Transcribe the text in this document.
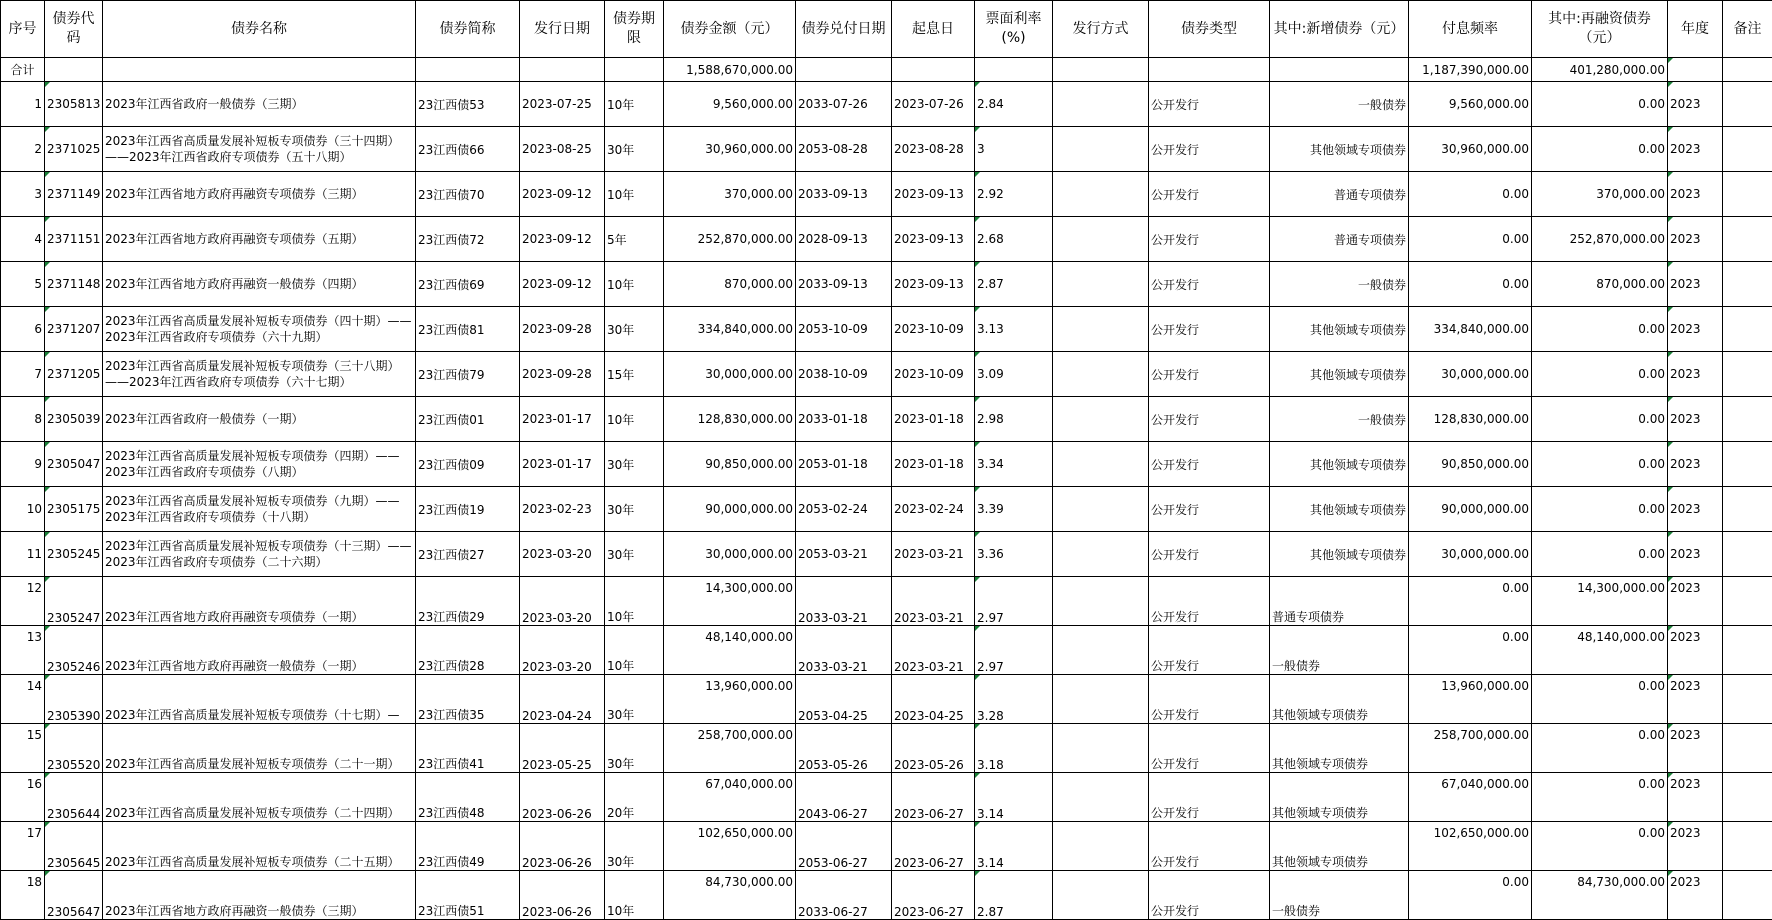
序号	债券代码	债券名称	债券简称	发行日期	债券期限	债券金额（元）	债券兑付日期	起息日	票面利率(%)	发行方式	债券类型	其中:新增债券（元）	付息频率	其中:再融资债券（元）	年度	备注
合计						1,588,670,000.00							1,187,390,000.00	401,280,000.00		
1	2305813	2023年江西省政府一般债券（三期）	23江西债53	2023-07-25	10年	9,560,000.00	2033-07-26	2023-07-26	2.84		公开发行	一般债券	9,560,000.00	0.00	2023	
2	2371025	2023年江西省高质量发展补短板专项债券（三十四期）——2023年江西省政府专项债券（五十八期）	23江西债66	2023-08-25	30年	30,960,000.00	2053-08-28	2023-08-28	3		公开发行	其他领域专项债券	30,960,000.00	0.00	2023	
3	2371149	2023年江西省地方政府再融资专项债券（三期）	23江西债70	2023-09-12	10年	370,000.00	2033-09-13	2023-09-13	2.92		公开发行	普通专项债券	0.00	370,000.00	2023	
4	2371151	2023年江西省地方政府再融资专项债券（五期）	23江西债72	2023-09-12	5年	252,870,000.00	2028-09-13	2023-09-13	2.68		公开发行	普通专项债券	0.00	252,870,000.00	2023	
5	2371148	2023年江西省地方政府再融资一般债券（四期）	23江西债69	2023-09-12	10年	870,000.00	2033-09-13	2023-09-13	2.87		公开发行	一般债券	0.00	870,000.00	2023	
6	2371207	2023年江西省高质量发展补短板专项债券（四十期）——2023年江西省政府专项债券（六十九期）	23江西债81	2023-09-28	30年	334,840,000.00	2053-10-09	2023-10-09	3.13		公开发行	其他领域专项债券	334,840,000.00	0.00	2023	
7	2371205	2023年江西省高质量发展补短板专项债券（三十八期）——2023年江西省政府专项债券（六十七期）	23江西债79	2023-09-28	15年	30,000,000.00	2038-10-09	2023-10-09	3.09		公开发行	其他领域专项债券	30,000,000.00	0.00	2023	
8	2305039	2023年江西省政府一般债券（一期）	23江西债01	2023-01-17	10年	128,830,000.00	2033-01-18	2023-01-18	2.98		公开发行	一般债券	128,830,000.00	0.00	2023	
9	2305047	2023年江西省高质量发展补短板专项债券（四期）——2023年江西省政府专项债券（八期）	23江西债09	2023-01-17	30年	90,850,000.00	2053-01-18	2023-01-18	3.34		公开发行	其他领域专项债券	90,850,000.00	0.00	2023	
10	2305175	2023年江西省高质量发展补短板专项债券（九期）——2023年江西省政府专项债券（十八期）	23江西债19	2023-02-23	30年	90,000,000.00	2053-02-24	2023-02-24	3.39		公开发行	其他领域专项债券	90,000,000.00	0.00	2023	
11	2305245	2023年江西省高质量发展补短板专项债券（十三期）——2023年江西省政府专项债券（二十六期）	23江西债27	2023-03-20	30年	30,000,000.00	2053-03-21	2023-03-21	3.36		公开发行	其他领域专项债券	30,000,000.00	0.00	2023	
12	2305247	2023年江西省地方政府再融资专项债券（一期）	23江西债29	2023-03-20	10年	14,300,000.00	2033-03-21	2023-03-21	2.97		公开发行	普通专项债券	0.00	14,300,000.00	2023	
13	2305246	2023年江西省地方政府再融资一般债券（一期）	23江西债28	2023-03-20	10年	48,140,000.00	2033-03-21	2023-03-21	2.97		公开发行	一般债券	0.00	48,140,000.00	2023	
14	2305390	2023年江西省高质量发展补短板专项债券（十七期）—	23江西债35	2023-04-24	30年	13,960,000.00	2053-04-25	2023-04-25	3.28		公开发行	其他领域专项债券	13,960,000.00	0.00	2023	
15	2305520	2023年江西省高质量发展补短板专项债券（二十一期）	23江西债41	2023-05-25	30年	258,700,000.00	2053-05-26	2023-05-26	3.18		公开发行	其他领域专项债券	258,700,000.00	0.00	2023	
16	2305644	2023年江西省高质量发展补短板专项债券（二十四期）	23江西债48	2023-06-26	20年	67,040,000.00	2043-06-27	2023-06-27	3.14		公开发行	其他领域专项债券	67,040,000.00	0.00	2023	
17	2305645	2023年江西省高质量发展补短板专项债券（二十五期）	23江西债49	2023-06-26	30年	102,650,000.00	2053-06-27	2023-06-27	3.14		公开发行	其他领域专项债券	102,650,000.00	0.00	2023	
18	2305647	2023年江西省地方政府再融资一般债券（三期）	23江西债51	2023-06-26	10年	84,730,000.00	2033-06-27	2023-06-27	2.87		公开发行	一般债券	0.00	84,730,000.00	2023	
